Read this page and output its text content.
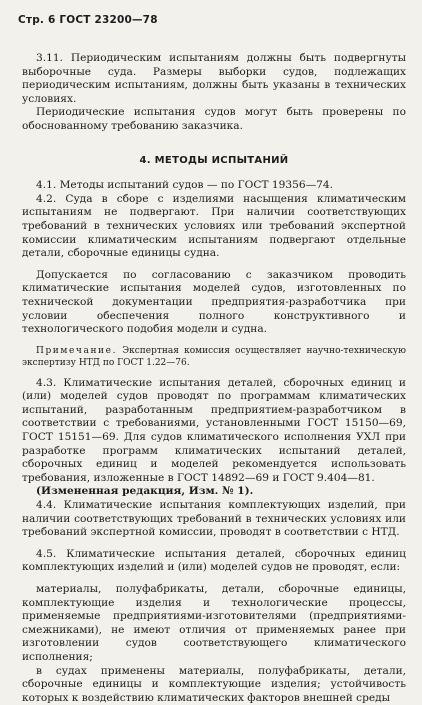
Стр. 6 ГОСТ 23200—78

3.11. Периодическим испытаниям должны быть подвергнуты выборочные суда. Размеры выборки судов, подлежащих периодическим испытаниям, должны быть указаны в технических условиях.

Периодические испытания судов могут быть проверены по обоснованному требованию заказчика.

4. МЕТОДЫ ИСПЫТАНИЙ

4.1. Методы испытаний судов — по ГОСТ 19356—74.

4.2. Суда в сборе с изделиями насыщения климатическим испытаниям не подвергают. При наличии соответствующих требований в технических условиях или требований экспертной комиссии климатическим испытаниям подвергают отдельные детали, сборочные единицы судна.

Допускается по согласованию с заказчиком проводить климатические испытания моделей судов, изготовленных по технической документации предприятия-разработчика при условии обеспечения полного конструктивного и технологического подобия модели и судна.

Примечание. Экспертная комиссия осуществляет научно-техническую экспертизу НТД по ГОСТ 1.22—76.

4.3. Климатические испытания деталей, сборочных единиц и (или) моделей судов проводят по программам климатических испытаний, разработанным предприятием-разработчиком в соответствии с требованиями, установленными ГОСТ 15150—69, ГОСТ 15151—69. Для судов климатического исполнения УХЛ при разработке программ климатических испытаний деталей, сборочных единиц и моделей рекомендуется использовать требования, изложенные в ГОСТ 14892—69 и ГОСТ 9.404—81.

(Измененная редакция, Изм. № 1).

4.4. Климатические испытания комплектующих изделий, при наличии соответствующих требований в технических условиях или требований экспертной комиссии, проводят в соответствии с НТД.

4.5. Климатические испытания деталей, сборочных единиц комплектующих изделий и (или) моделей судов не проводят, если:

материалы, полуфабрикаты, детали, сборочные единицы, комплектующие изделия и технологические процессы, применяемые предприятиями-изготовителями (предприятиями-смежниками), не имеют отличия от применяемых ранее при изготовлении судов соответствующего климатического исполнения;

в судах применены материалы, полуфабрикаты, детали, сборочные единицы и комплектующие изделия; устойчивость которых к воздействию климатических факторов внешней среды
